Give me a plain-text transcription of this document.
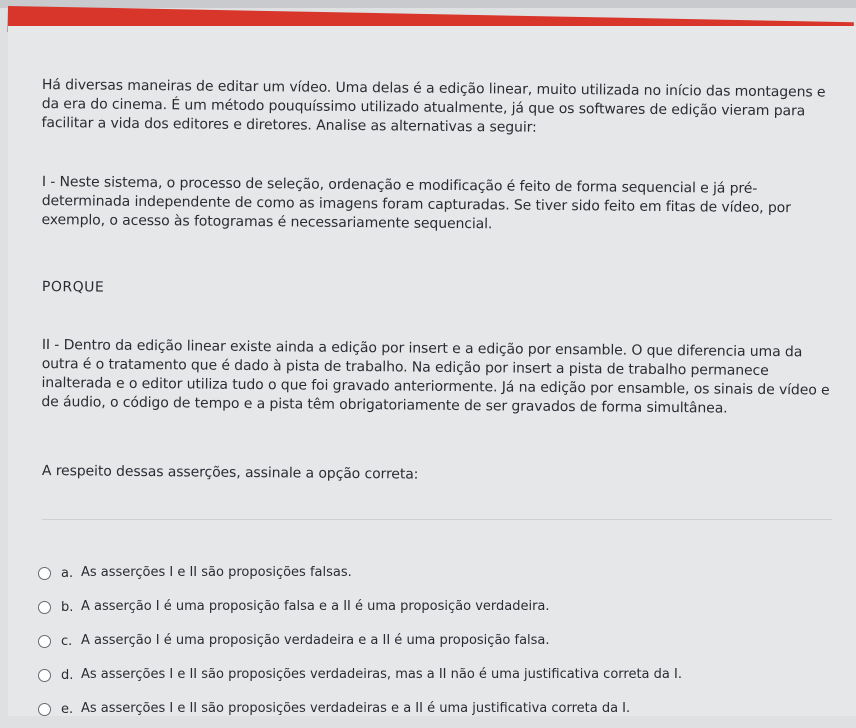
Há diversas maneiras de editar um vídeo. Uma delas é a edição linear, muito utilizada no início das montagens e da era do cinema. É um método pouquíssimo utilizado atualmente, já que os softwares de edição vieram para facilitar a vida dos editores e diretores. Analise as alternativas a seguir:

I - Neste sistema, o processo de seleção, ordenação e modificação é feito de forma sequencial e já pré-determinada independente de como as imagens foram capturadas. Se tiver sido feito em fitas de vídeo, por exemplo, o acesso às fotogramas é necessariamente sequencial.

PORQUE

II - Dentro da edição linear existe ainda a edição por insert e a edição por ensamble. O que diferencia uma da outra é o tratamento que é dado à pista de trabalho. Na edição por insert a pista de trabalho permanece inalterada e o editor utiliza tudo o que foi gravado anteriormente. Já na edição por ensamble, os sinais de vídeo e de áudio, o código de tempo e a pista têm obrigatoriamente de ser gravados de forma simultânea.

A respeito dessas asserções, assinale a opção correta:

a. As asserções I e II são proposições falsas.
b. A asserção I é uma proposição falsa e a II é uma proposição verdadeira.
c. A asserção I é uma proposição verdadeira e a II é uma proposição falsa.
d. As asserções I e II são proposições verdadeiras, mas a II não é uma justificativa correta da I.
e. As asserções I e II são proposições verdadeiras e a II é uma justificativa correta da I.
